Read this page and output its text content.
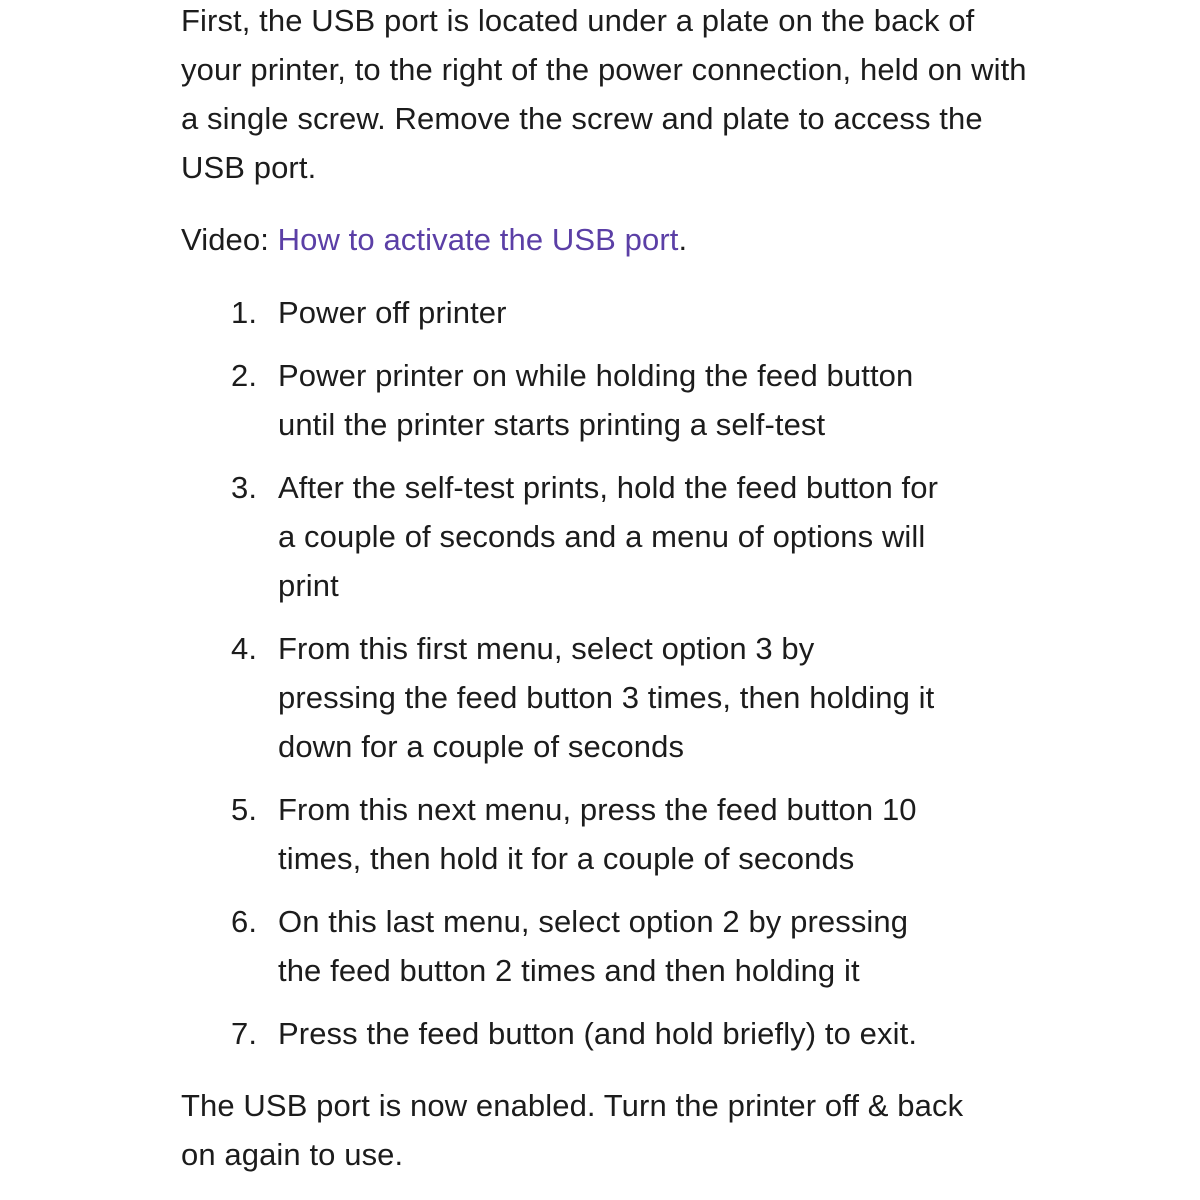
First, the USB port is located under a plate on the back of your printer, to the right of the power connection, held on with a single screw. Remove the screw and plate to access the USB port.

Video: How to activate the USB port.

1. Power off printer
2. Power printer on while holding the feed button until the printer starts printing a self-test
3. After the self-test prints, hold the feed button for a couple of seconds and a menu of options will print
4. From this first menu, select option 3 by pressing the feed button 3 times, then holding it down for a couple of seconds
5. From this next menu, press the feed button 10 times, then hold it for a couple of seconds
6. On this last menu, select option 2 by pressing the feed button 2 times and then holding it
7. Press the feed button (and hold briefly) to exit.

The USB port is now enabled. Turn the printer off & back on again to use.
